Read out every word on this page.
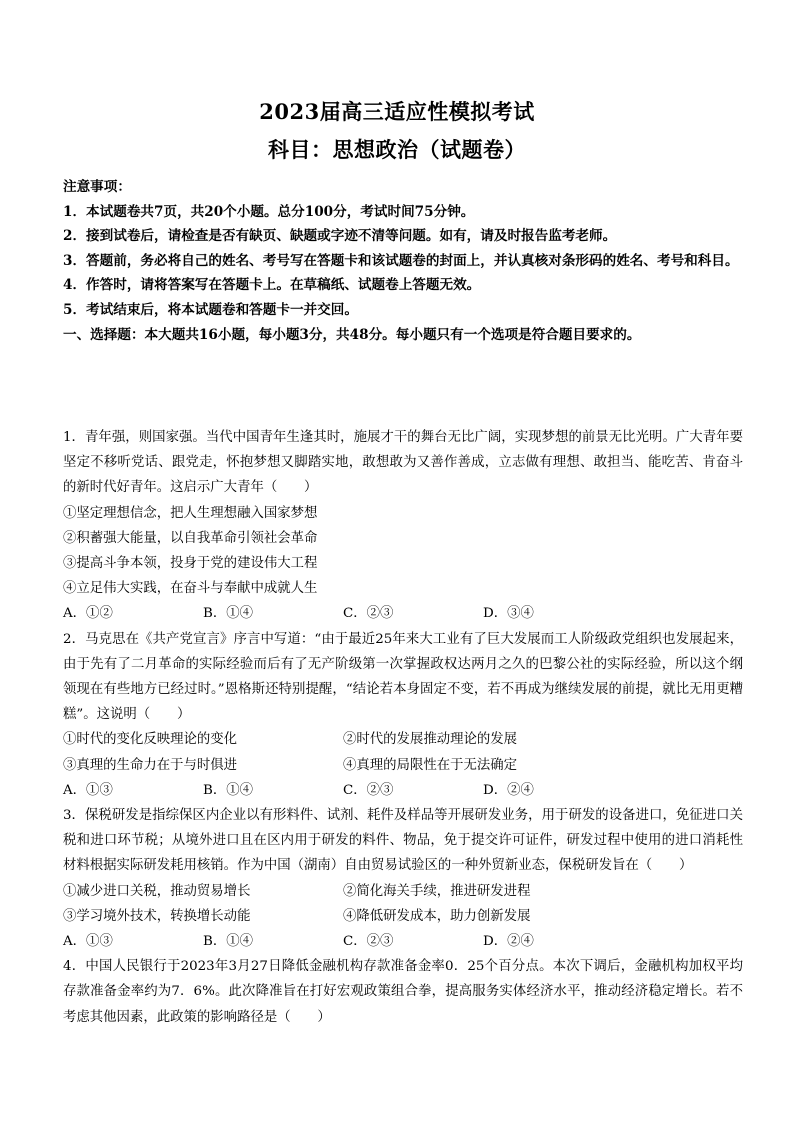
2023届高三适应性模拟考试
科目：思想政治（试题卷）

注意事项：

1．本试题卷共7页，共20个小题。总分100分，考试时间75分钟。

2．接到试卷后，请检查是否有缺页、缺题或字迹不清等问题。如有，请及时报告监考老师。

3．答题前，务必将自己的姓名、考号写在答题卡和该试题卷的封面上，并认真核对条形码的姓名、考号和科目。

4．作答时，请将答案写在答题卡上。在草稿纸、试题卷上答题无效。

5．考试结束后，将本试题卷和答题卡一并交回。

一、选择题：本大题共16小题，每小题3分，共48分。每小题只有一个选项是符合题目要求的。

1．青年强，则国家强。当代中国青年生逢其时，施展才干的舞台无比广阔，实现梦想的前景无比光明。广大青年要坚定不移听党话、跟党走，怀抱梦想又脚踏实地，敢想敢为又善作善成，立志做有理想、敢担当、能吃苦、肯奋斗的新时代好青年。这启示广大青年（　　）

①坚定理想信念，把人生理想融入国家梦想

②积蓄强大能量，以自我革命引领社会革命

③提高斗争本领，投身于党的建设伟大工程

④立足伟大实践，在奋斗与奉献中成就人生

A．①②	B．①④	C．②③	D．③④

2．马克思在《共产党宣言》序言中写道：“由于最近25年来大工业有了巨大发展而工人阶级政党组织也发展起来，由于先有了二月革命的实际经验而后有了无产阶级第一次掌握政权达两月之久的巴黎公社的实际经验，所以这个纲领现在有些地方已经过时。”恩格斯还特别提醒，“结论若本身固定不变，若不再成为继续发展的前提，就比无用更糟糕”。这说明（　　）

①时代的变化反映理论的变化	②时代的发展推动理论的发展
③真理的生命力在于与时俱进	④真理的局限性在于无法确定
A．①③	B．①④	C．②③	D．②④

3．保税研发是指综保区内企业以有形料件、试剂、耗件及样品等开展研发业务，用于研发的设备进口，免征进口关税和进口环节税；从境外进口且在区内用于研发的料件、物品，免于提交许可证件，研发过程中使用的进口消耗性材料根据实际研发耗用核销。作为中国（湖南）自由贸易试验区的一种外贸新业态，保税研发旨在（　　）

①减少进口关税，推动贸易增长	②简化海关手续，推进研发进程
③学习境外技术，转换增长动能	④降低研发成本，助力创新发展
A．①③	B．①④	C．②③	D．②④

4．中国人民银行于2023年3月27日降低金融机构存款准备金率0．25个百分点。本次下调后，金融机构加权平均存款准备金率约为7．6%。此次降准旨在打好宏观政策组合拳，提高服务实体经济水平，推动经济稳定增长。若不考虑其他因素，此政策的影响路径是（　　）
